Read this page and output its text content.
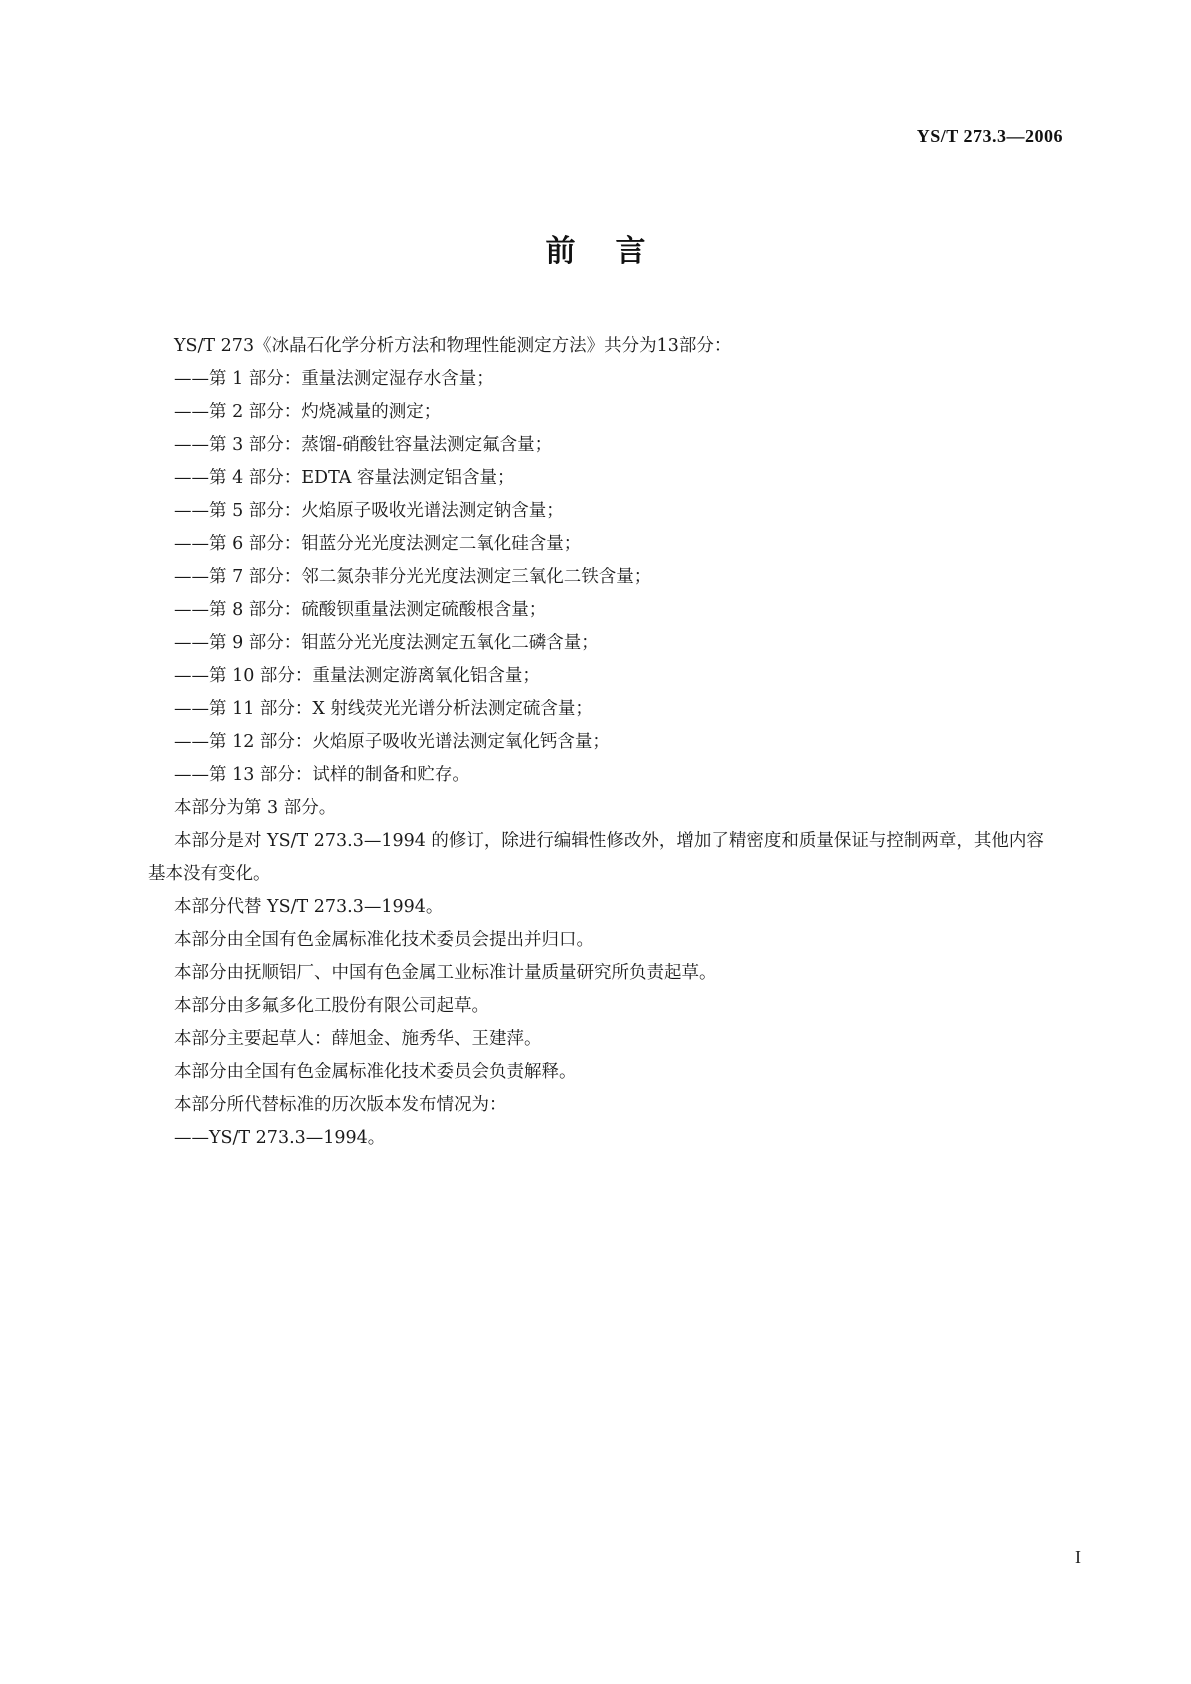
YS/T 273.3—2006
前言

YS/T 273《冰晶石化学分析方法和物理性能测定方法》共分为13部分：

——第 1 部分：重量法测定湿存水含量；

——第 2 部分：灼烧减量的测定；

——第 3 部分：蒸馏-硝酸钍容量法测定氟含量；

——第 4 部分：EDTA 容量法测定铝含量；

——第 5 部分：火焰原子吸收光谱法测定钠含量；

——第 6 部分：钼蓝分光光度法测定二氧化硅含量；

——第 7 部分：邻二氮杂菲分光光度法测定三氧化二铁含量；

——第 8 部分：硫酸钡重量法测定硫酸根含量；

——第 9 部分：钼蓝分光光度法测定五氧化二磷含量；

——第 10 部分：重量法测定游离氧化铝含量；

——第 11 部分：X 射线荧光光谱分析法测定硫含量；

——第 12 部分：火焰原子吸收光谱法测定氧化钙含量；

——第 13 部分：试样的制备和贮存。

本部分为第 3 部分。

本部分是对 YS/T 273.3—1994 的修订，除进行编辑性修改外，增加了精密度和质量保证与控制两章，其他内容基本没有变化。

本部分代替 YS/T 273.3—1994。

本部分由全国有色金属标准化技术委员会提出并归口。

本部分由抚顺铝厂、中国有色金属工业标准计量质量研究所负责起草。

本部分由多氟多化工股份有限公司起草。

本部分主要起草人：薛旭金、施秀华、王建萍。

本部分由全国有色金属标准化技术委员会负责解释。

本部分所代替标准的历次版本发布情况为：

——YS/T 273.3—1994。

I
